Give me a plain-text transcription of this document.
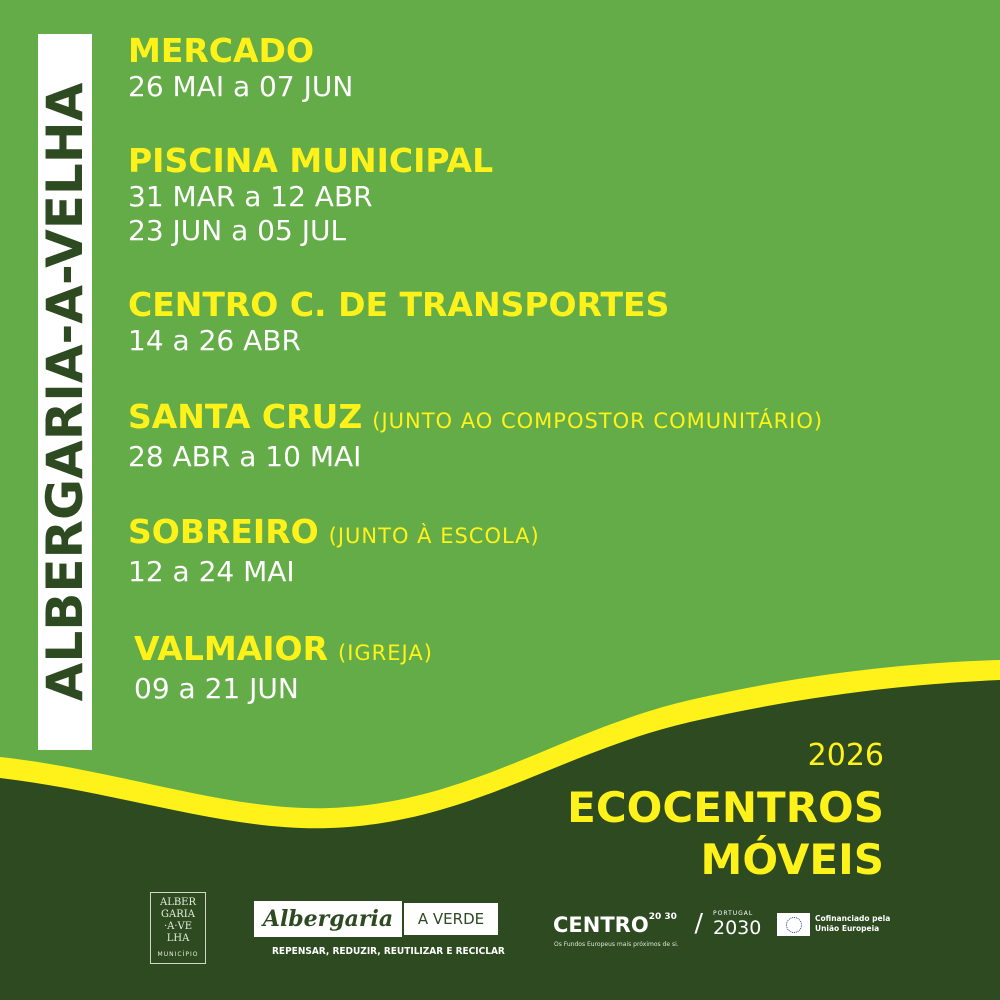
ALBERGARIA-A-VELHA
MERCADO
26 MAI a 07 JUN
PISCINA MUNICIPAL
31 MAR a 12 ABR
23 JUN a 05 JUL
CENTRO C. DE TRANSPORTES
14 a 26 ABR
SANTA CRUZ (JUNTO AO COMPOSTOR COMUNITÁRIO)
28 ABR a 10 MAI
SOBREIRO (JUNTO À ESCOLA)
12 a 24 MAI
VALMAIOR (IGREJA)
09 a 21 JUN
2026
ECOCENTROS
MÓVEIS
ALBER
GARIA
·A·VE
LHA
MUNICÍPIO
Albergaria	A VERDE
REPENSAR, REDUZIR, REUTILIZAR E RECICLAR
$CENTRO^{20 30}$
Os Fundos Europeus mais próximos de si.
⧸ PORTUGAL
2030	Cofinanciado pela
União Europeia
